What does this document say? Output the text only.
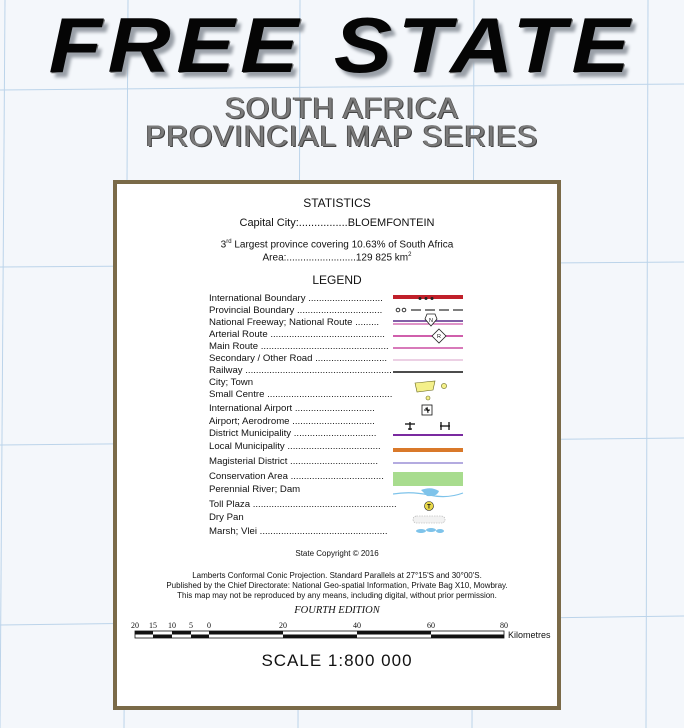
FREE STATE
SOUTH AFRICA
PROVINCIAL MAP SERIES
STATISTICS
Capital City:................BLOEMFONTEIN
3rd Largest province covering 10.63% of South Africa
Area:.........................129 825 $km^2$
LEGEND
International Boundary ............................
Provincial Boundary ................................
National Freeway; National Route .........
Arterial Route ...........................................
Main Route ................................................
Secondary / Other Road ...........................
Railway .......................................................
City; Town
Small Centre ...............................................
International Airport ..............................
Airport; Aerodrome ...............................
District Municipality ...............................
Local Municipality ...................................
Magisterial District .................................
Conservation Area ...................................
Perennial River; Dam
Toll Plaza ......................................................
Dry Pan
Marsh; Vlei ................................................
N
R
T
State Copyright © 2016
Lamberts Conformal Conic Projection. Standard Parallels at 27°15'S and 30°00'S.
Published by the Chief Directorate: National Geo-spatial Information, Private Bag X10, Mowbray.
This map may not be reproduced by any means, including digital, without prior permission.
FOURTH EDITION
20 15 10 5 0	20	40	60	80
Kilometres
SCALE 1:800 000
